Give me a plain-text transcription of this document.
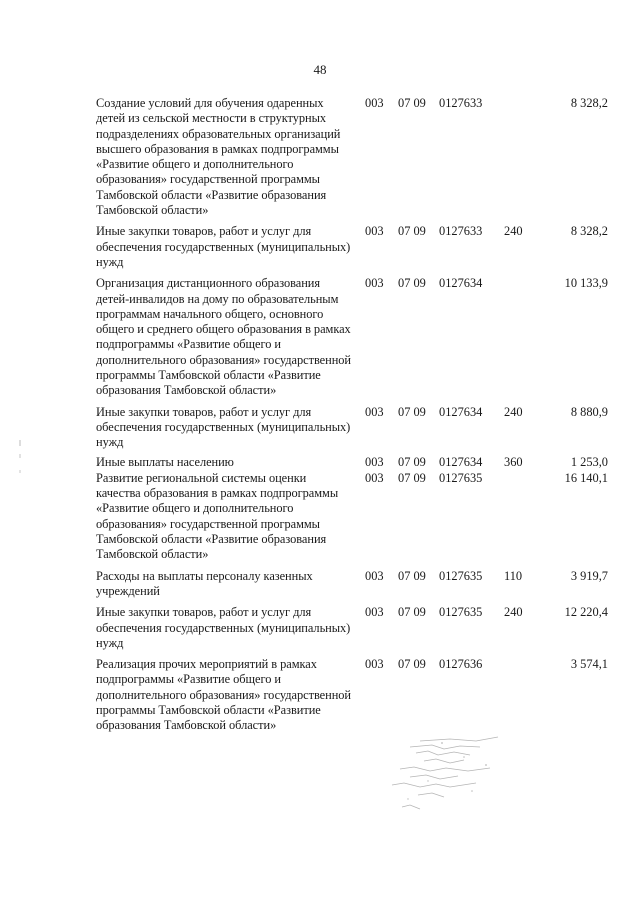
48
Создание условий для обучения одаренных детей из сельской местности в структурных подразделениях образовательных организаций высшего образования в рамках подпрограммы «Развитие общего и дополнительного образования» государственной программы Тамбовской области «Развитие образования Тамбовской области»
003 07 09 0127633	8 328,2
Иные закупки товаров, работ и услуг для обеспечения государственных (муниципальных) нужд
003 07 09 0127633 240	8 328,2
Организация дистанционного образования детей-инвалидов на дому по образовательным программам начального общего, основного общего и среднего общего образования в рамках подпрограммы «Развитие общего и дополнительного образования» государственной программы Тамбовской области «Развитие образования Тамбовской области»
003 07 09 0127634	10 133,9
Иные закупки товаров, работ и услуг для обеспечения государственных (муниципальных) нужд
003 07 09 0127634 240	8 880,9
Иные выплаты населению	003 07 09 0127634 360	1 253,0
Развитие региональной системы оценки качества образования в рамках подпрограммы «Развитие общего и дополнительного образования» государственной программы Тамбовской области «Развитие образования Тамбовской области»
003 07 09 0127635	16 140,1
Расходы на выплаты персоналу казенных учреждений
003 07 09 0127635 110	3 919,7
Иные закупки товаров, работ и услуг для обеспечения государственных (муниципальных) нужд
003 07 09 0127635 240	12 220,4
Реализация прочих мероприятий в рамках подпрограммы «Развитие общего и дополнительного образования» государственной программы Тамбовской области «Развитие образования Тамбовской области»
003 07 09 0127636	3 574,1
